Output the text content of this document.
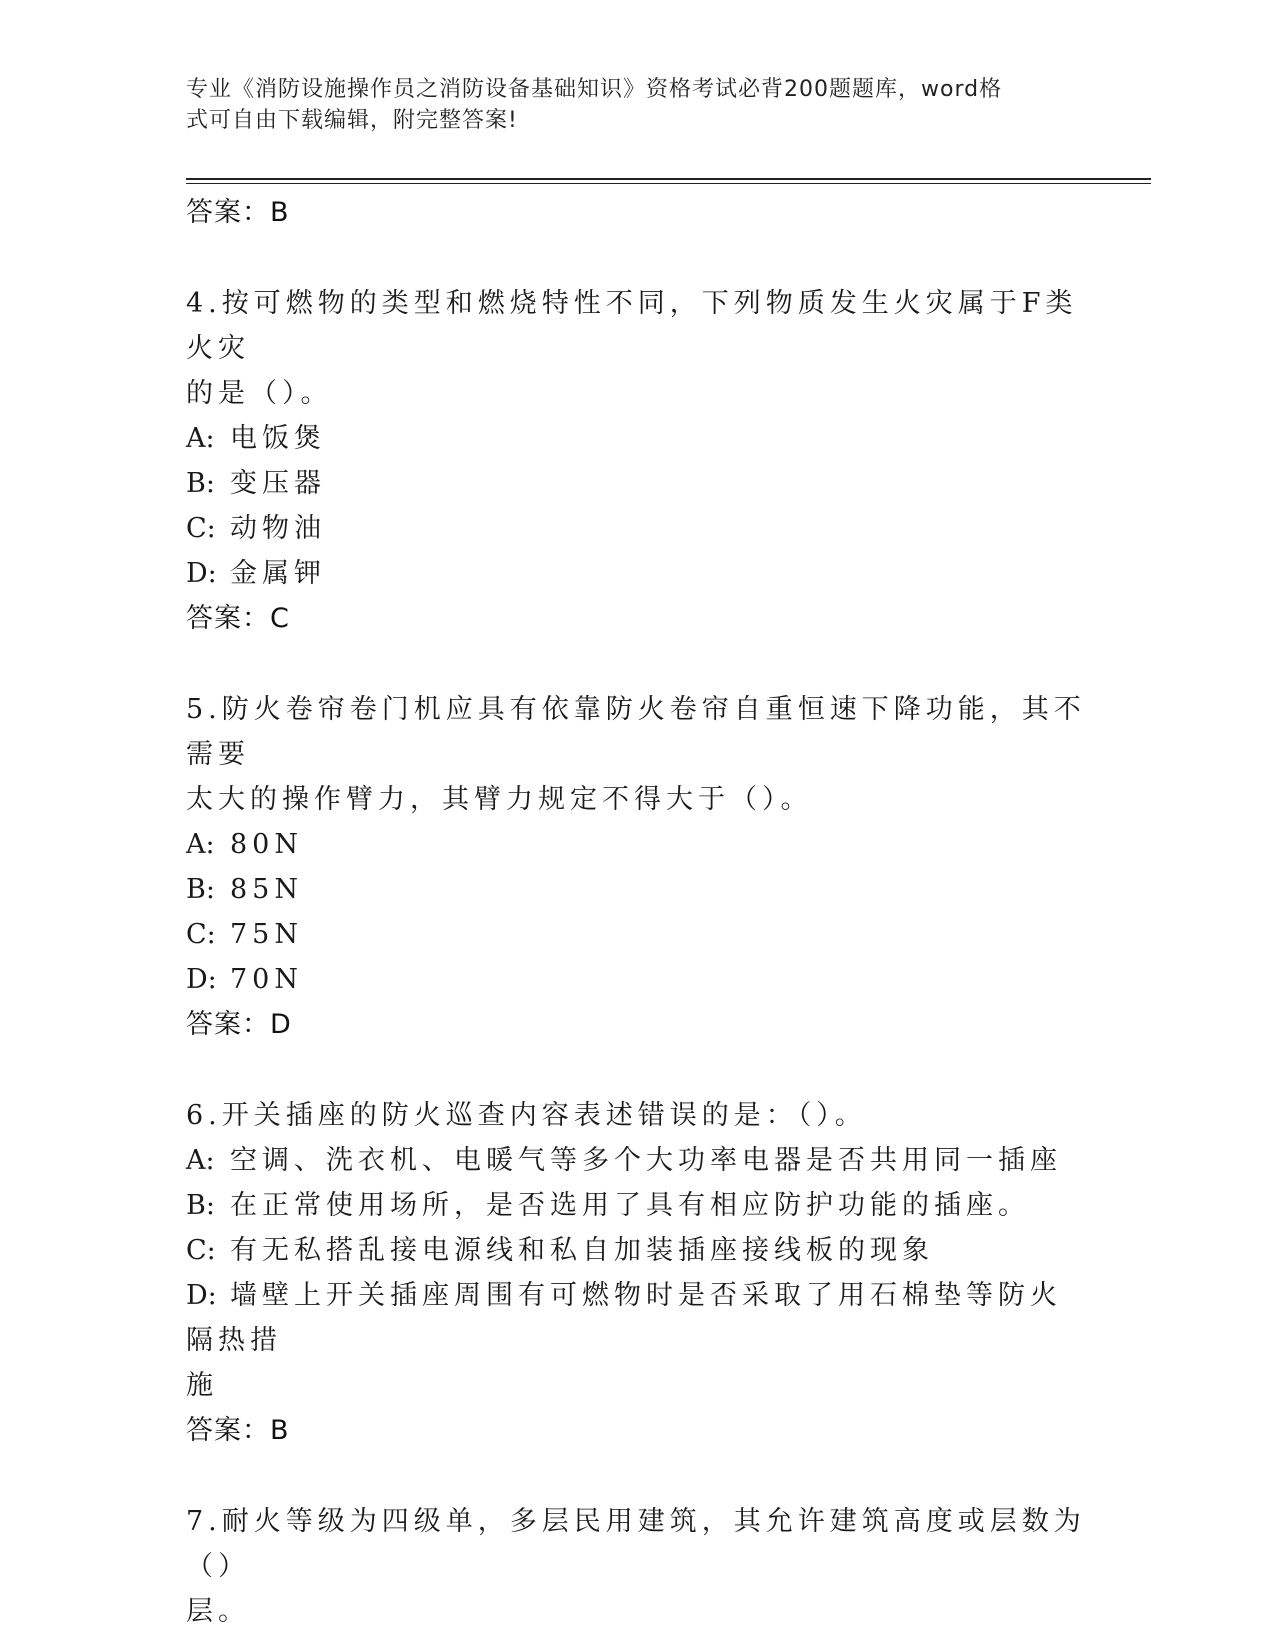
专业《消防设施操作员之消防设备基础知识》资格考试必背200题题库，word格
式可自由下载编辑，附完整答案!
答案：B
4.按可燃物的类型和燃烧特性不同，下列物质发生火灾属于F类火灾
的是（）。
A: 电饭煲
B: 变压器
C: 动物油
D: 金属钾
答案：C
5.防火卷帘卷门机应具有依靠防火卷帘自重恒速下降功能，其不需要
太大的操作臂力，其臂力规定不得大于（）。
A: 80N
B: 85N
C: 75N
D: 70N
答案：D
6.开关插座的防火巡查内容表述错误的是：（）。
A: 空调、洗衣机、电暖气等多个大功率电器是否共用同一插座
B: 在正常使用场所，是否选用了具有相应防护功能的插座。
C: 有无私搭乱接电源线和私自加装插座接线板的现象
D: 墙壁上开关插座周围有可燃物时是否采取了用石棉垫等防火隔热措
施
答案：B
7.耐火等级为四级单，多层民用建筑，其允许建筑高度或层数为（）
层。
